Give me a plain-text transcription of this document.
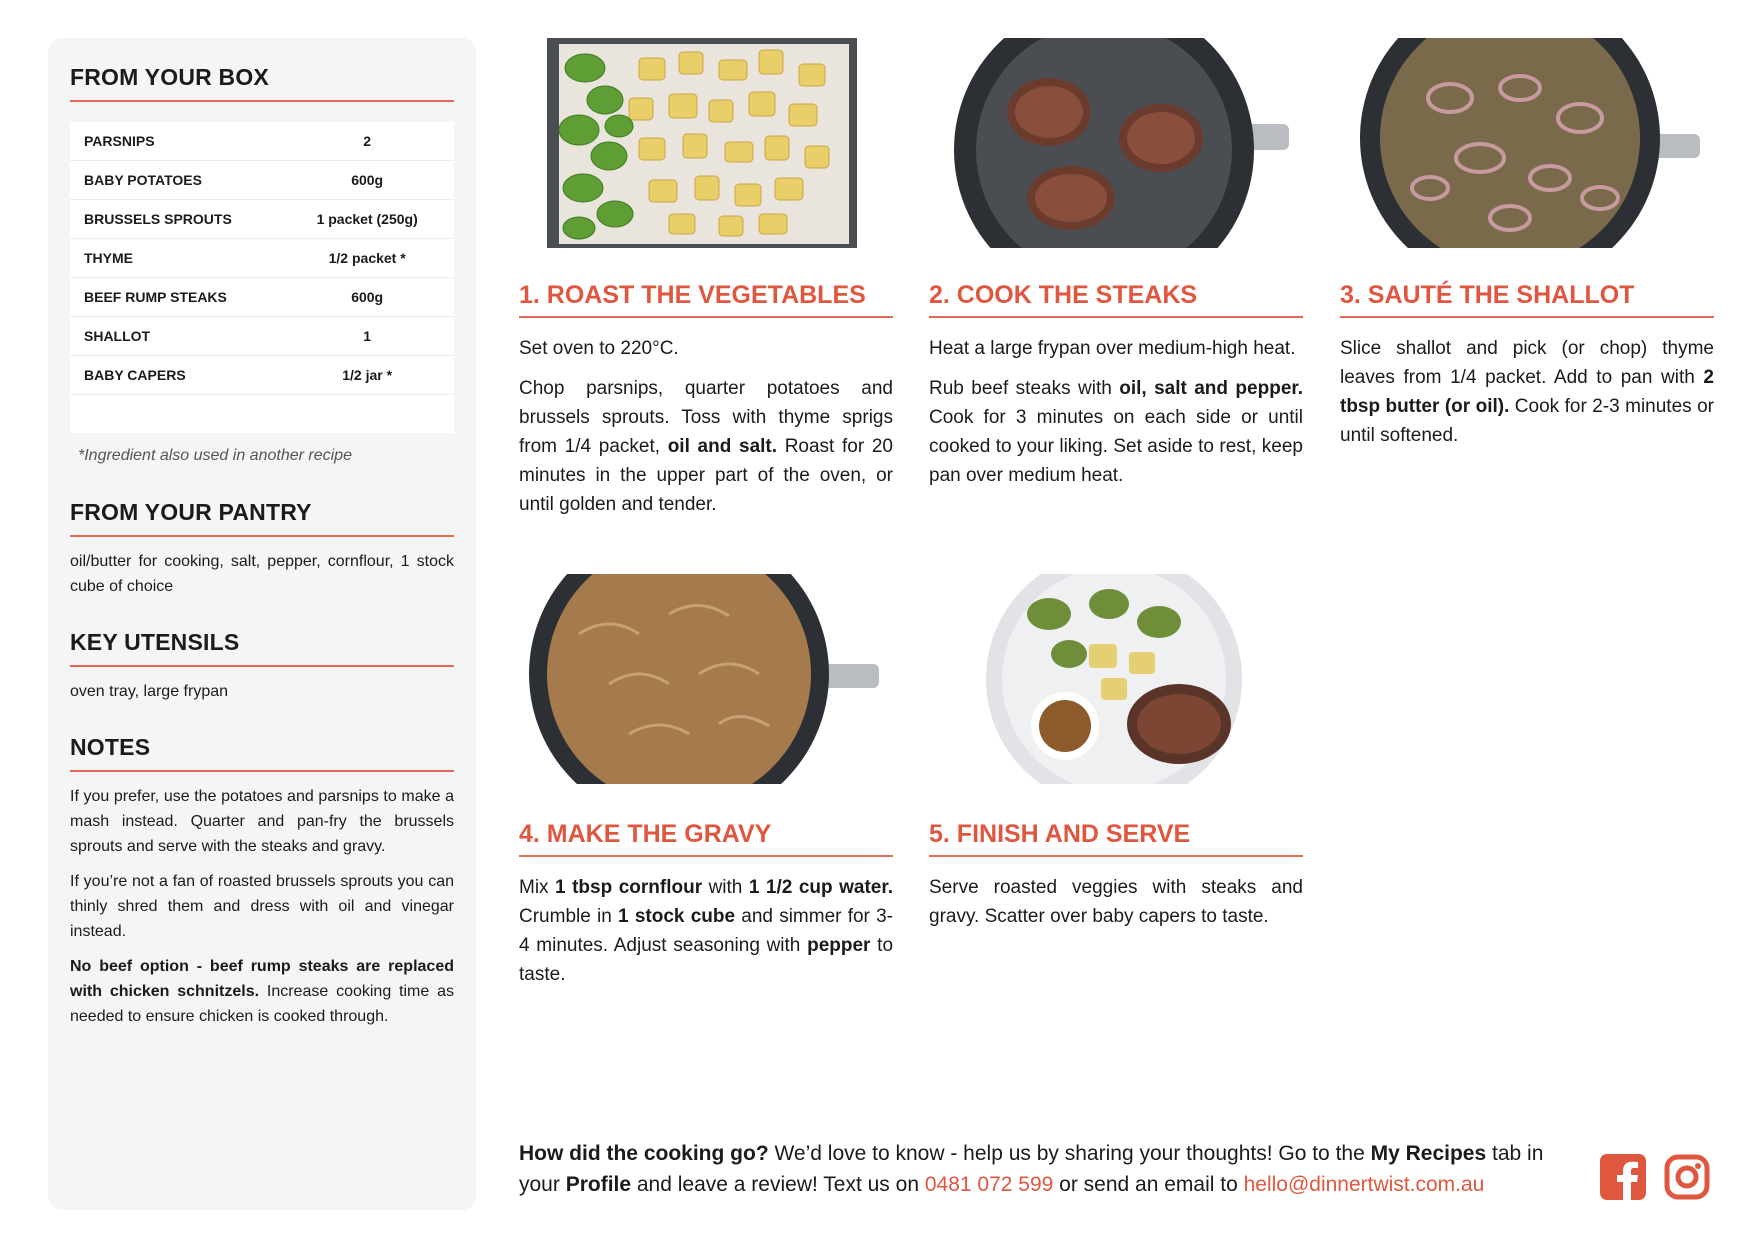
FROM YOUR BOX
PARSNIPS	2
BABY POTATOES	600g
BRUSSELS SPROUTS	1 packet (250g)
THYME	1/2 packet *
BEEF RUMP STEAKS	600g
SHALLOT	1
BABY CAPERS	1/2 jar *

*Ingredient also used in another recipe
FROM YOUR PANTRY

oil/butter for cooking, salt, pepper, cornflour, 1 stock cube of choice

KEY UTENSILS

oven tray, large frypan

NOTES

If you prefer, use the potatoes and parsnips to make a mash instead. Quarter and pan-fry the brussels sprouts and serve with the steaks and gravy.

If you’re not a fan of roasted brussels sprouts you can thinly shred them and dress with oil and vinegar instead.

No beef option - beef rump steaks are replaced with chicken schnitzels. Increase cooking time as needed to ensure chicken is cooked through.

1. ROAST THE VEGETABLES	2. COOK THE STEAKS	3. SAUTÉ THE SHALLOT
4. MAKE THE GRAVY	5. FINISH AND SERVE

Set oven to 220°C.

Chop parsnips, quarter potatoes and brussels sprouts. Toss with thyme sprigs from 1/4 packet, oil and salt. Roast for 20 minutes in the upper part of the oven, or until golden and tender.

Heat a large frypan over medium-high heat.

Rub beef steaks with oil, salt and pepper. Cook for 3 minutes on each side or until cooked to your liking. Set aside to rest, keep pan over medium heat.

Slice shallot and pick (or chop) thyme leaves from 1/4 packet. Add to pan with 2 tbsp butter (or oil). Cook for 2-3 minutes or until softened.

Mix 1 tbsp cornflour with 1 1/2 cup water. Crumble in 1 stock cube and simmer for 3-4 minutes. Adjust seasoning with pepper to taste.

Serve roasted veggies with steaks and gravy. Scatter over baby capers to taste.

How did the cooking go? We’d love to know - help us by sharing your thoughts! Go to the My Recipes tab in your Profile and leave a review! Text us on 0481 072 599 or send an email to hello@dinnertwist.com.au
